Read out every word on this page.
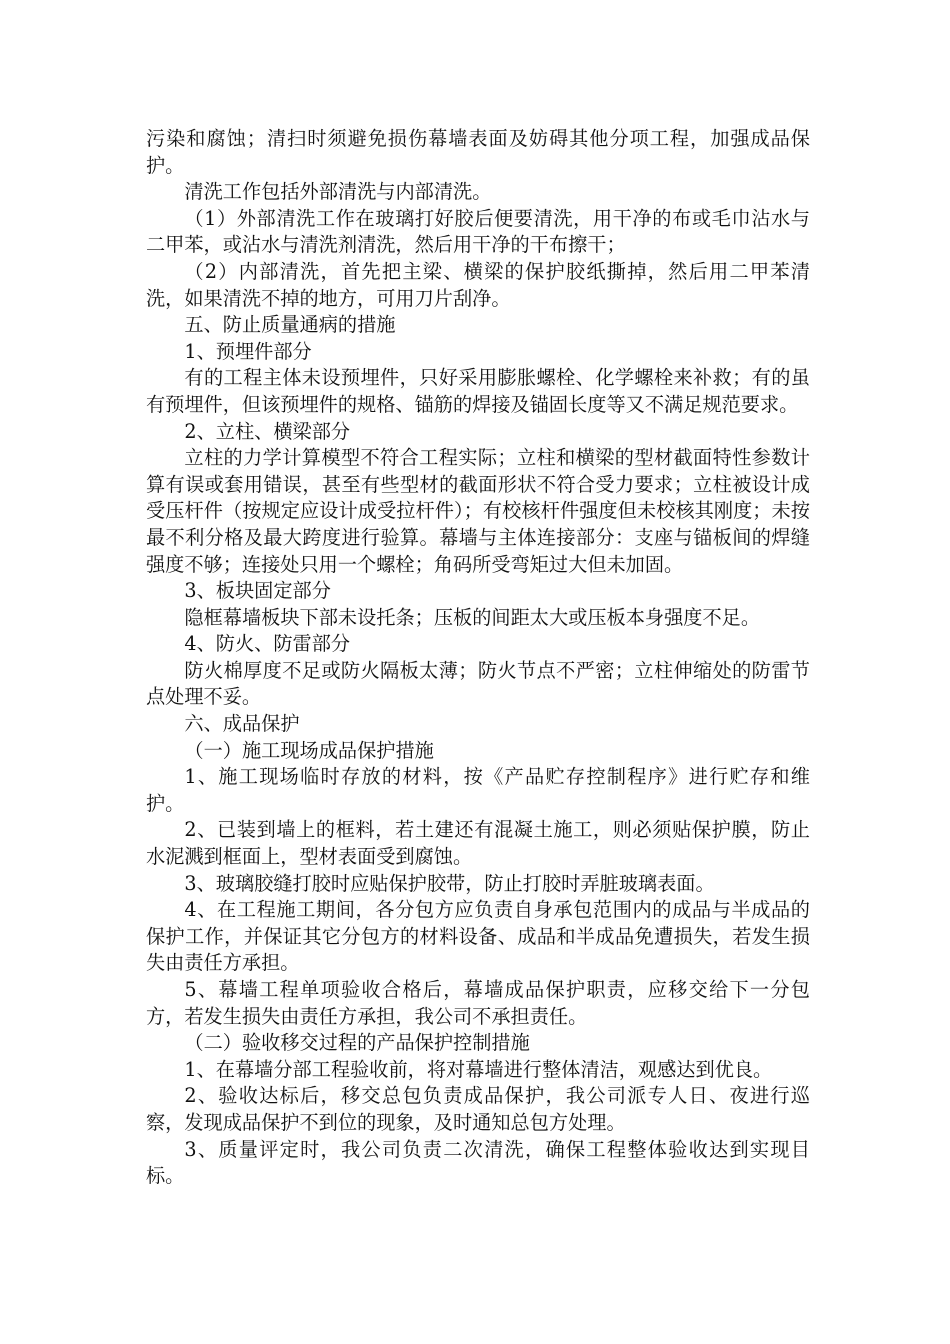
污染和腐蚀；清扫时须避免损伤幕墙表面及妨碍其他分项工程，加强成品保护。

清洗工作包括外部清洗与内部清洗。

（1）外部清洗工作在玻璃打好胶后便要清洗，用干净的布或毛巾沾水与二甲苯，或沾水与清洗剂清洗，然后用干净的干布擦干；

（2）内部清洗，首先把主梁、横梁的保护胶纸撕掉，然后用二甲苯清洗，如果清洗不掉的地方，可用刀片刮净。

五、防止质量通病的措施

1、预埋件部分

有的工程主体未设预埋件，只好采用膨胀螺栓、化学螺栓来补救；有的虽有预埋件，但该预埋件的规格、锚筋的焊接及锚固长度等又不满足规范要求。

2、立柱、横梁部分

立柱的力学计算模型不符合工程实际；立柱和横梁的型材截面特性参数计算有误或套用错误，甚至有些型材的截面形状不符合受力要求；立柱被设计成受压杆件（按规定应设计成受拉杆件）；有校核杆件强度但未校核其刚度；未按最不利分格及最大跨度进行验算。幕墙与主体连接部分：支座与锚板间的焊缝强度不够；连接处只用一个螺栓；角码所受弯矩过大但未加固。

3、板块固定部分

隐框幕墙板块下部未设托条；压板的间距太大或压板本身强度不足。

4、防火、防雷部分

防火棉厚度不足或防火隔板太薄；防火节点不严密；立柱伸缩处的防雷节点处理不妥。

六、成品保护

（一）施工现场成品保护措施

1、施工现场临时存放的材料，按《产品贮存控制程序》进行贮存和维护。

2、已装到墙上的框料，若土建还有混凝土施工，则必须贴保护膜，防止水泥溅到框面上，型材表面受到腐蚀。

3、玻璃胶缝打胶时应贴保护胶带，防止打胶时弄脏玻璃表面。

4、在工程施工期间，各分包方应负责自身承包范围内的成品与半成品的保护工作，并保证其它分包方的材料设备、成品和半成品免遭损失，若发生损失由责任方承担。

5、幕墙工程单项验收合格后，幕墙成品保护职责，应移交给下一分包方，若发生损失由责任方承担，我公司不承担责任。

（二）验收移交过程的产品保护控制措施

1、在幕墙分部工程验收前，将对幕墙进行整体清洁，观感达到优良。

2、验收达标后，移交总包负责成品保护，我公司派专人日、夜进行巡察，发现成品保护不到位的现象，及时通知总包方处理。

3、质量评定时，我公司负责二次清洗，确保工程整体验收达到实现目标。
